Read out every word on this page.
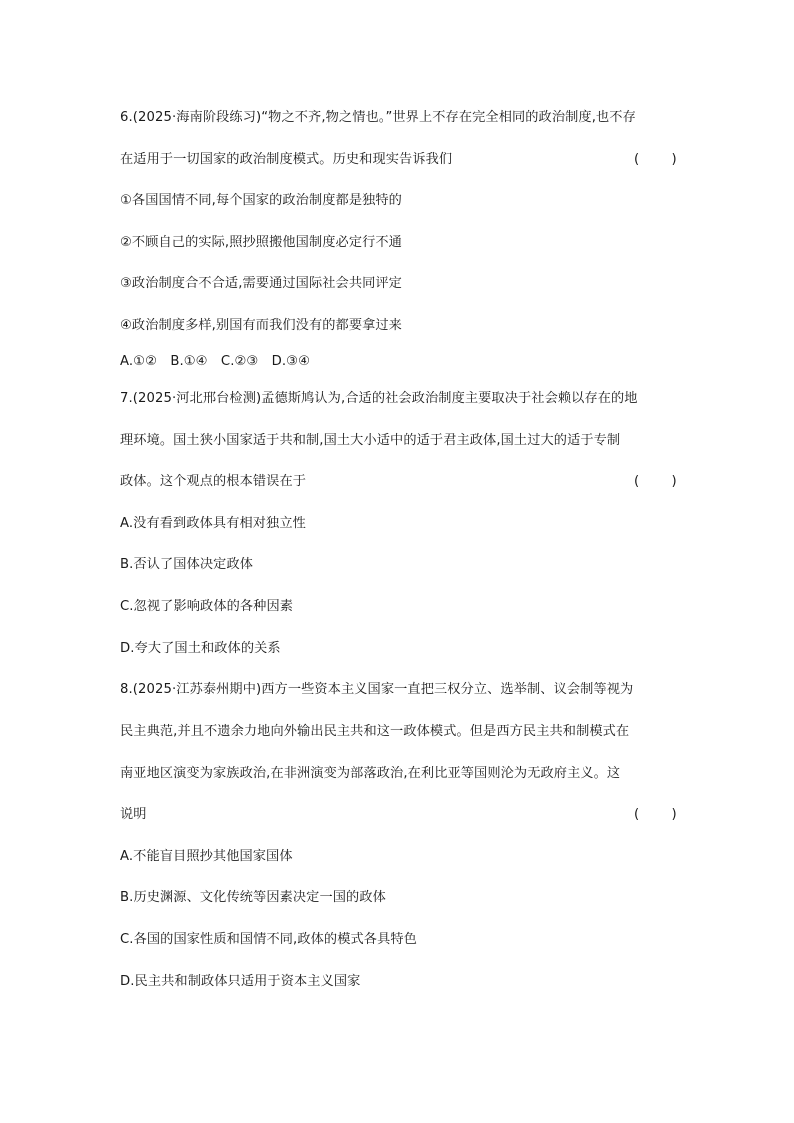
6.(2025·海南阶段练习)“物之不齐,物之情也。”世界上不存在完全相同的政治制度,也不存
在适用于一切国家的政治制度模式。历史和现实告诉我们	(　　)
①各国国情不同,每个国家的政治制度都是独特的
②不顾自己的实际,照抄照搬他国制度必定行不通
③政治制度合不合适,需要通过国际社会共同评定
④政治制度多样,别国有而我们没有的都要拿过来
A.①②　B.①④　C.②③　D.③④
7.(2025·河北邢台检测)孟德斯鸠认为,合适的社会政治制度主要取决于社会赖以存在的地
理环境。国土狭小国家适于共和制,国土大小适中的适于君主政体,国土过大的适于专制
政体。这个观点的根本错误在于	(　　)
A.没有看到政体具有相对独立性
B.否认了国体决定政体
C.忽视了影响政体的各种因素
D.夸大了国土和政体的关系
8.(2025·江苏泰州期中)西方一些资本主义国家一直把三权分立、选举制、议会制等视为
民主典范,并且不遗余力地向外输出民主共和这一政体模式。但是西方民主共和制模式在
南亚地区演变为家族政治,在非洲演变为部落政治,在利比亚等国则沦为无政府主义。这
说明	(　　)
A.不能盲目照抄其他国家国体
B.历史渊源、文化传统等因素决定一国的政体
C.各国的国家性质和国情不同,政体的模式各具特色
D.民主共和制政体只适用于资本主义国家
